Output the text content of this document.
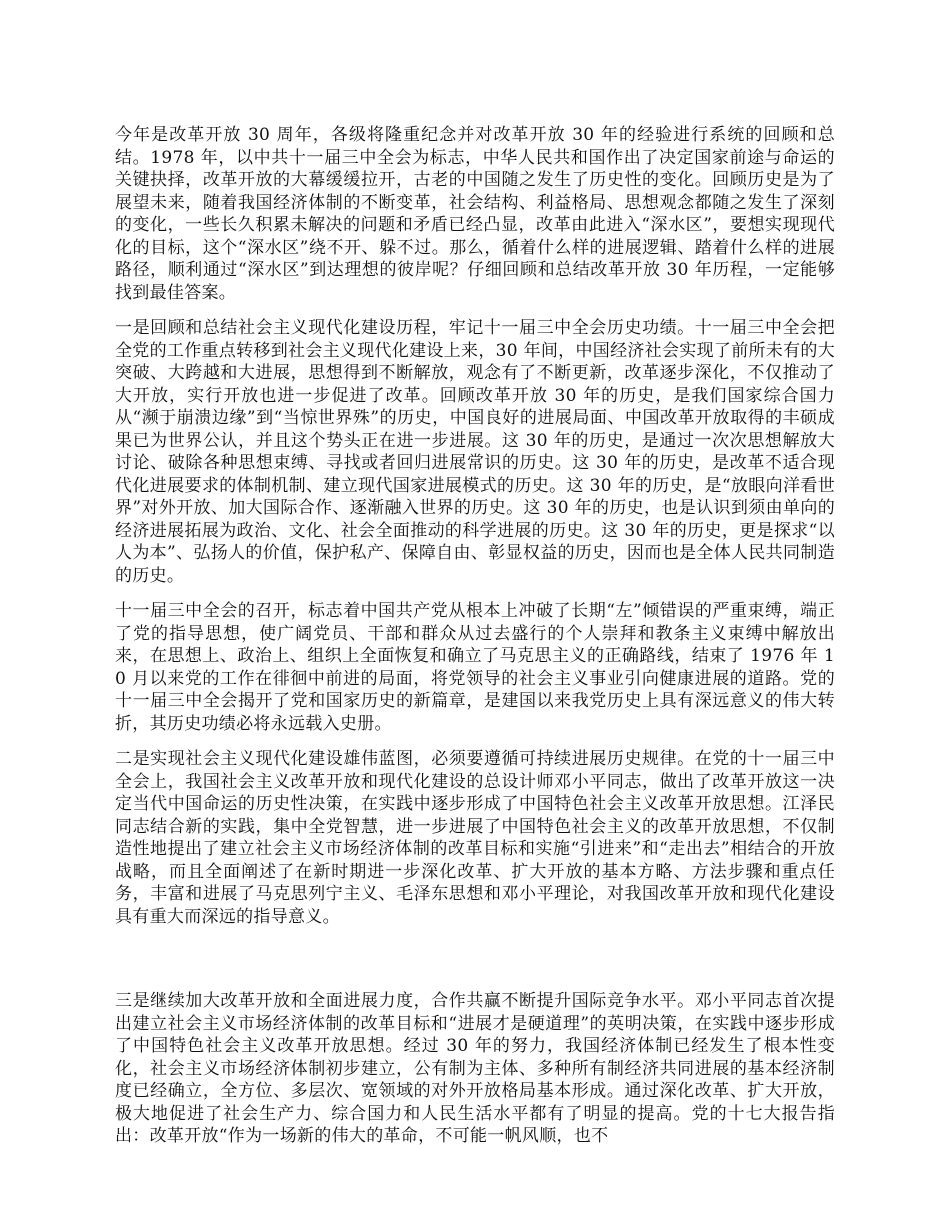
今年是改革开放 30 周年，各级将隆重纪念并对改革开放 30 年的经验进行系统的回顾和总结。1978 年，以中共十一届三中全会为标志，中华人民共和国作出了决定国家前途与命运的关键抉择，改革开放的大幕缓缓拉开，古老的中国随之发生了历史性的变化。回顾历史是为了展望未来，随着我国经济体制的不断变革，社会结构、利益格局、思想观念都随之发生了深刻的变化，一些长久积累未解决的问题和矛盾已经凸显，改革由此进入“深水区”，要想实现现代化的目标，这个“深水区”绕不开、躲不过。那么，循着什么样的进展逻辑、踏着什么样的进展路径，顺利通过“深水区”到达理想的彼岸呢？仔细回顾和总结改革开放 30 年历程，一定能够找到最佳答案。

一是回顾和总结社会主义现代化建设历程，牢记十一届三中全会历史功绩。十一届三中全会把全党的工作重点转移到社会主义现代化建设上来，30 年间，中国经济社会实现了前所未有的大突破、大跨越和大进展，思想得到不断解放，观念有了不断更新，改革逐步深化，不仅推动了大开放，实行开放也进一步促进了改革。回顾改革开放 30 年的历史，是我们国家综合国力从“濒于崩溃边缘”到“当惊世界殊”的历史，中国良好的进展局面、中国改革开放取得的丰硕成果已为世界公认，并且这个势头正在进一步进展。这 30 年的历史，是通过一次次思想解放大讨论、破除各种思想束缚、寻找或者回归进展常识的历史。这 30 年的历史，是改革不适合现代化进展要求的体制机制、建立现代国家进展模式的历史。这 30 年的历史，是“放眼向洋看世界”对外开放、加大国际合作、逐渐融入世界的历史。这 30 年的历史，也是认识到须由单向的经济进展拓展为政治、文化、社会全面推动的科学进展的历史。这 30 年的历史，更是探求“以人为本”、弘扬人的价值，保护私产、保障自由、彰显权益的历史，因而也是全体人民共同制造的历史。

十一届三中全会的召开，标志着中国共产党从根本上冲破了长期“左”倾错误的严重束缚，端正了党的指导思想，使广阔党员、干部和群众从过去盛行的个人崇拜和教条主义束缚中解放出来，在思想上、政治上、组织上全面恢复和确立了马克思主义的正确路线，结束了 1976 年 10 月以来党的工作在徘徊中前进的局面，将党领导的社会主义事业引向健康进展的道路。党的十一届三中全会揭开了党和国家历史的新篇章，是建国以来我党历史上具有深远意义的伟大转折，其历史功绩必将永远载入史册。

二是实现社会主义现代化建设雄伟蓝图，必须要遵循可持续进展历史规律。在党的十一届三中全会上，我国社会主义改革开放和现代化建设的总设计师邓小平同志，做出了改革开放这一决定当代中国命运的历史性决策，在实践中逐步形成了中国特色社会主义改革开放思想。江泽民同志结合新的实践，集中全党智慧，进一步进展了中国特色社会主义的改革开放思想，不仅制造性地提出了建立社会主义市场经济体制的改革目标和实施“引进来”和“走出去”相结合的开放战略，而且全面阐述了在新时期进一步深化改革、扩大开放的基本方略、方法步骤和重点任务，丰富和进展了马克思列宁主义、毛泽东思想和邓小平理论，对我国改革开放和现代化建设具有重大而深远的指导意义。

三是继续加大改革开放和全面进展力度，合作共赢不断提升国际竞争水平。邓小平同志首次提出建立社会主义市场经济体制的改革目标和“进展才是硬道理”的英明决策，在实践中逐步形成了中国特色社会主义改革开放思想。经过 30 年的努力，我国经济体制已经发生了根本性变化，社会主义市场经济体制初步建立，公有制为主体、多种所有制经济共同进展的基本经济制度已经确立，全方位、多层次、宽领域的对外开放格局基本形成。通过深化改革、扩大开放，极大地促进了社会生产力、综合国力和人民生活水平都有了明显的提高。党的十七大报告指出：改革开放“作为一场新的伟大的革命，不可能一帆风顺，也不
